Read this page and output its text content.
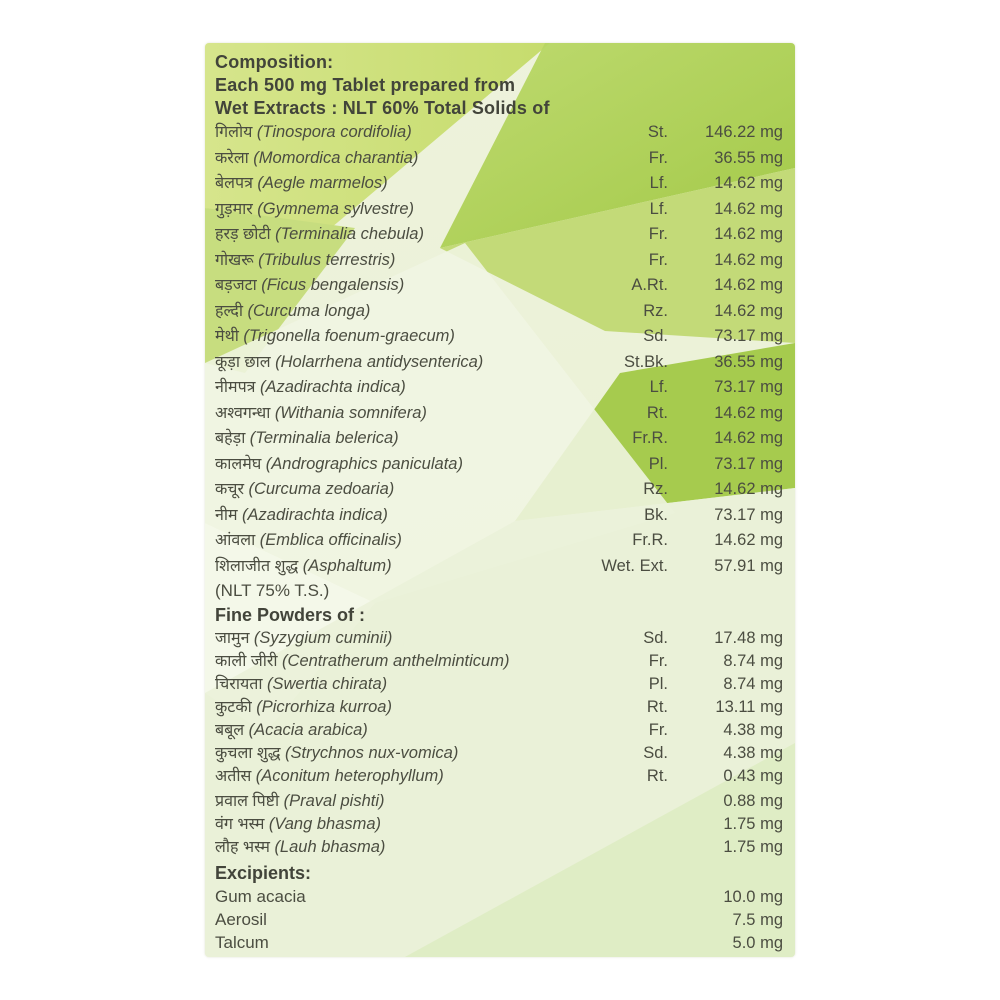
Composition:
Each 500 mg Tablet prepared from
Wet Extracts : NLT 60% Total Solids of
गिलोय (Tinospora cordifolia)	St.	146.22 mg
करेला (Momordica charantia)	Fr.	36.55 mg
बेलपत्र (Aegle marmelos)	Lf.	14.62 mg
गुड़मार (Gymnema sylvestre)	Lf.	14.62 mg
हरड़ छोटी (Terminalia chebula)	Fr.	14.62 mg
गोखरू (Tribulus terrestris)	Fr.	14.62 mg
बड़जटा (Ficus bengalensis)	A.Rt.	14.62 mg
हल्दी (Curcuma longa)	Rz.	14.62 mg
मेथी (Trigonella foenum-graecum)	Sd.	73.17 mg
कूड़ा छाल (Holarrhena antidysenterica)	St.Bk.	36.55 mg
नीमपत्र (Azadirachta indica)	Lf.	73.17 mg
अश्वगन्धा (Withania somnifera)	Rt.	14.62 mg
बहेड़ा (Terminalia belerica)	Fr.R.	14.62 mg
कालमेघ (Andrographics paniculata)	Pl.	73.17 mg
कचूर (Curcuma zedoaria)	Rz.	14.62 mg
नीम (Azadirachta indica)	Bk.	73.17 mg
आंवला (Emblica officinalis)	Fr.R.	14.62 mg
शिलाजीत शुद्ध (Asphaltum)	Wet. Ext.	57.91 mg
(NLT 75% T.S.)
Fine Powders of :
जामुन (Syzygium cuminii)	Sd.	17.48 mg
काली जीरी (Centratherum anthelminticum)	Fr.	8.74 mg
चिरायता (Swertia chirata)	Pl.	8.74 mg
कुटकी (Picrorhiza kurroa)	Rt.	13.11 mg
बबूल (Acacia arabica)	Fr.	4.38 mg
कुचला शुद्ध (Strychnos nux-vomica)	Sd.	4.38 mg
अतीस (Aconitum heterophyllum)	Rt.	0.43 mg
प्रवाल पिष्टी (Praval pishti)	0.88 mg
वंग भस्म (Vang bhasma)	1.75 mg
लौह भस्म (Lauh bhasma)	1.75 mg
Excipients:
Gum acacia	10.0 mg
Aerosil	7.5 mg
Talcum	5.0 mg
